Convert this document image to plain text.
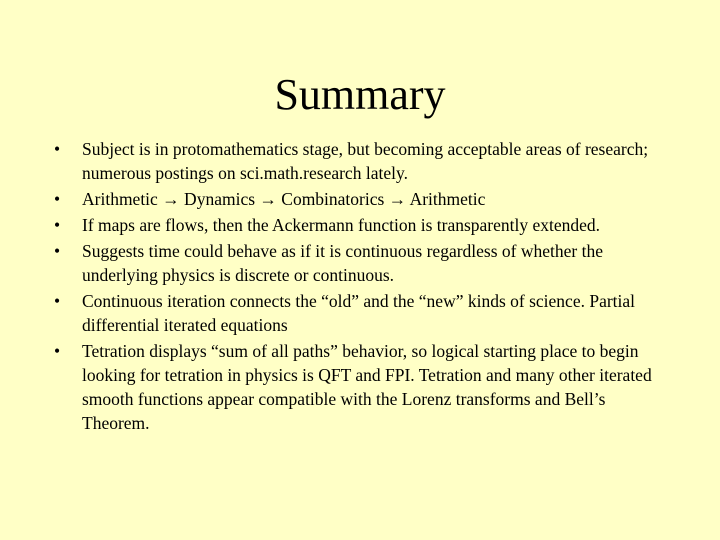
Summary
•	Subject is in protomathematics stage, but becoming acceptable areas of research; numerous postings on sci.math.research lately.
•	Arithmetic → Dynamics → Combinatorics → Arithmetic
•	If maps are flows, then the Ackermann function is transparently extended.
•	Suggests time could behave as if it is continuous regardless of whether the underlying physics is discrete or continuous.
•	Continuous iteration connects the “old” and the “new” kinds of science. Partial differential iterated equations
•	Tetration displays “sum of all paths” behavior, so logical starting place to begin looking for tetration in physics is QFT and FPI. Tetration and many other iterated smooth functions appear compatible with the Lorenz transforms and Bell’s Theorem.
